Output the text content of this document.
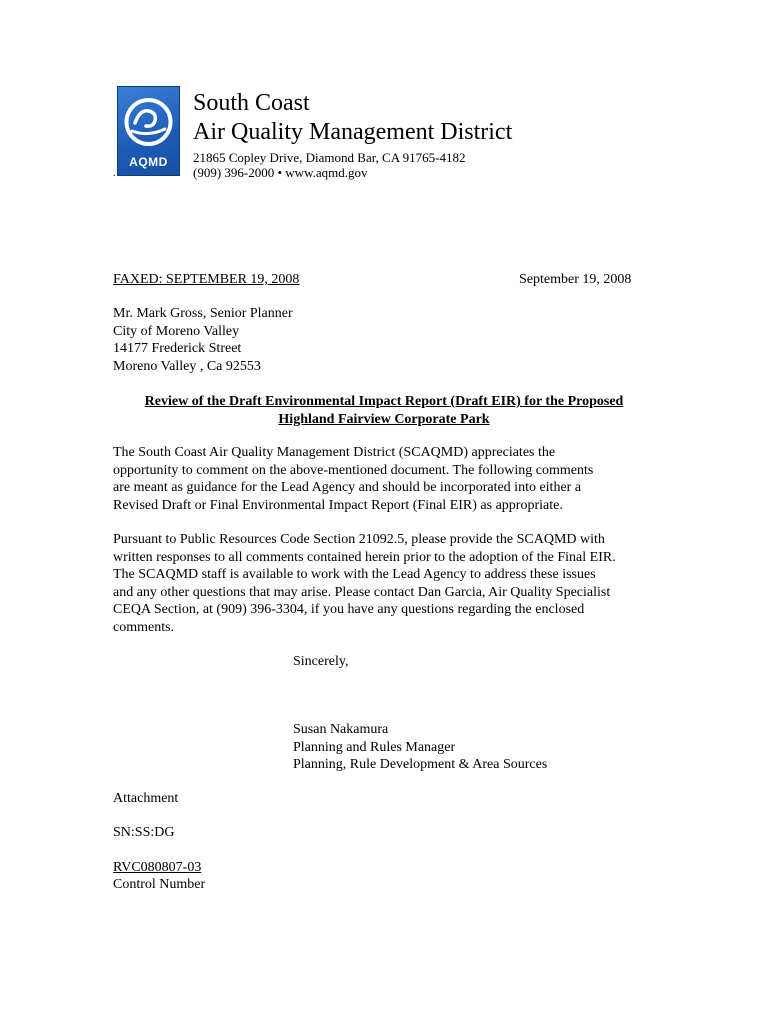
AQMD
South Coast
Air Quality Management District
21865 Copley Drive, Diamond Bar, CA 91765-4182
(909) 396-2000 • www.aqmd.gov
.
FAXED: SEPTEMBER 19, 2008	September 19, 2008
Mr. Mark Gross, Senior Planner
City of Moreno Valley
14177 Frederick Street
Moreno Valley , Ca 92553
Review of the Draft Environmental Impact Report (Draft EIR) for the Proposed
Highland Fairview Corporate Park
The South Coast Air Quality Management District (SCAQMD) appreciates the
opportunity to comment on the above-mentioned document. The following comments
are meant as guidance for the Lead Agency and should be incorporated into either a
Revised Draft or Final Environmental Impact Report (Final EIR) as appropriate.
Pursuant to Public Resources Code Section 21092.5, please provide the SCAQMD with
written responses to all comments contained herein prior to the adoption of the Final EIR.
The SCAQMD staff is available to work with the Lead Agency to address these issues
and any other questions that may arise. Please contact Dan Garcia, Air Quality Specialist
CEQA Section, at (909) 396-3304, if you have any questions regarding the enclosed
comments.
Sincerely,
Susan Nakamura
Planning and Rules Manager
Planning, Rule Development & Area Sources
Attachment
SN:SS:DG
RVC080807-03
Control Number
